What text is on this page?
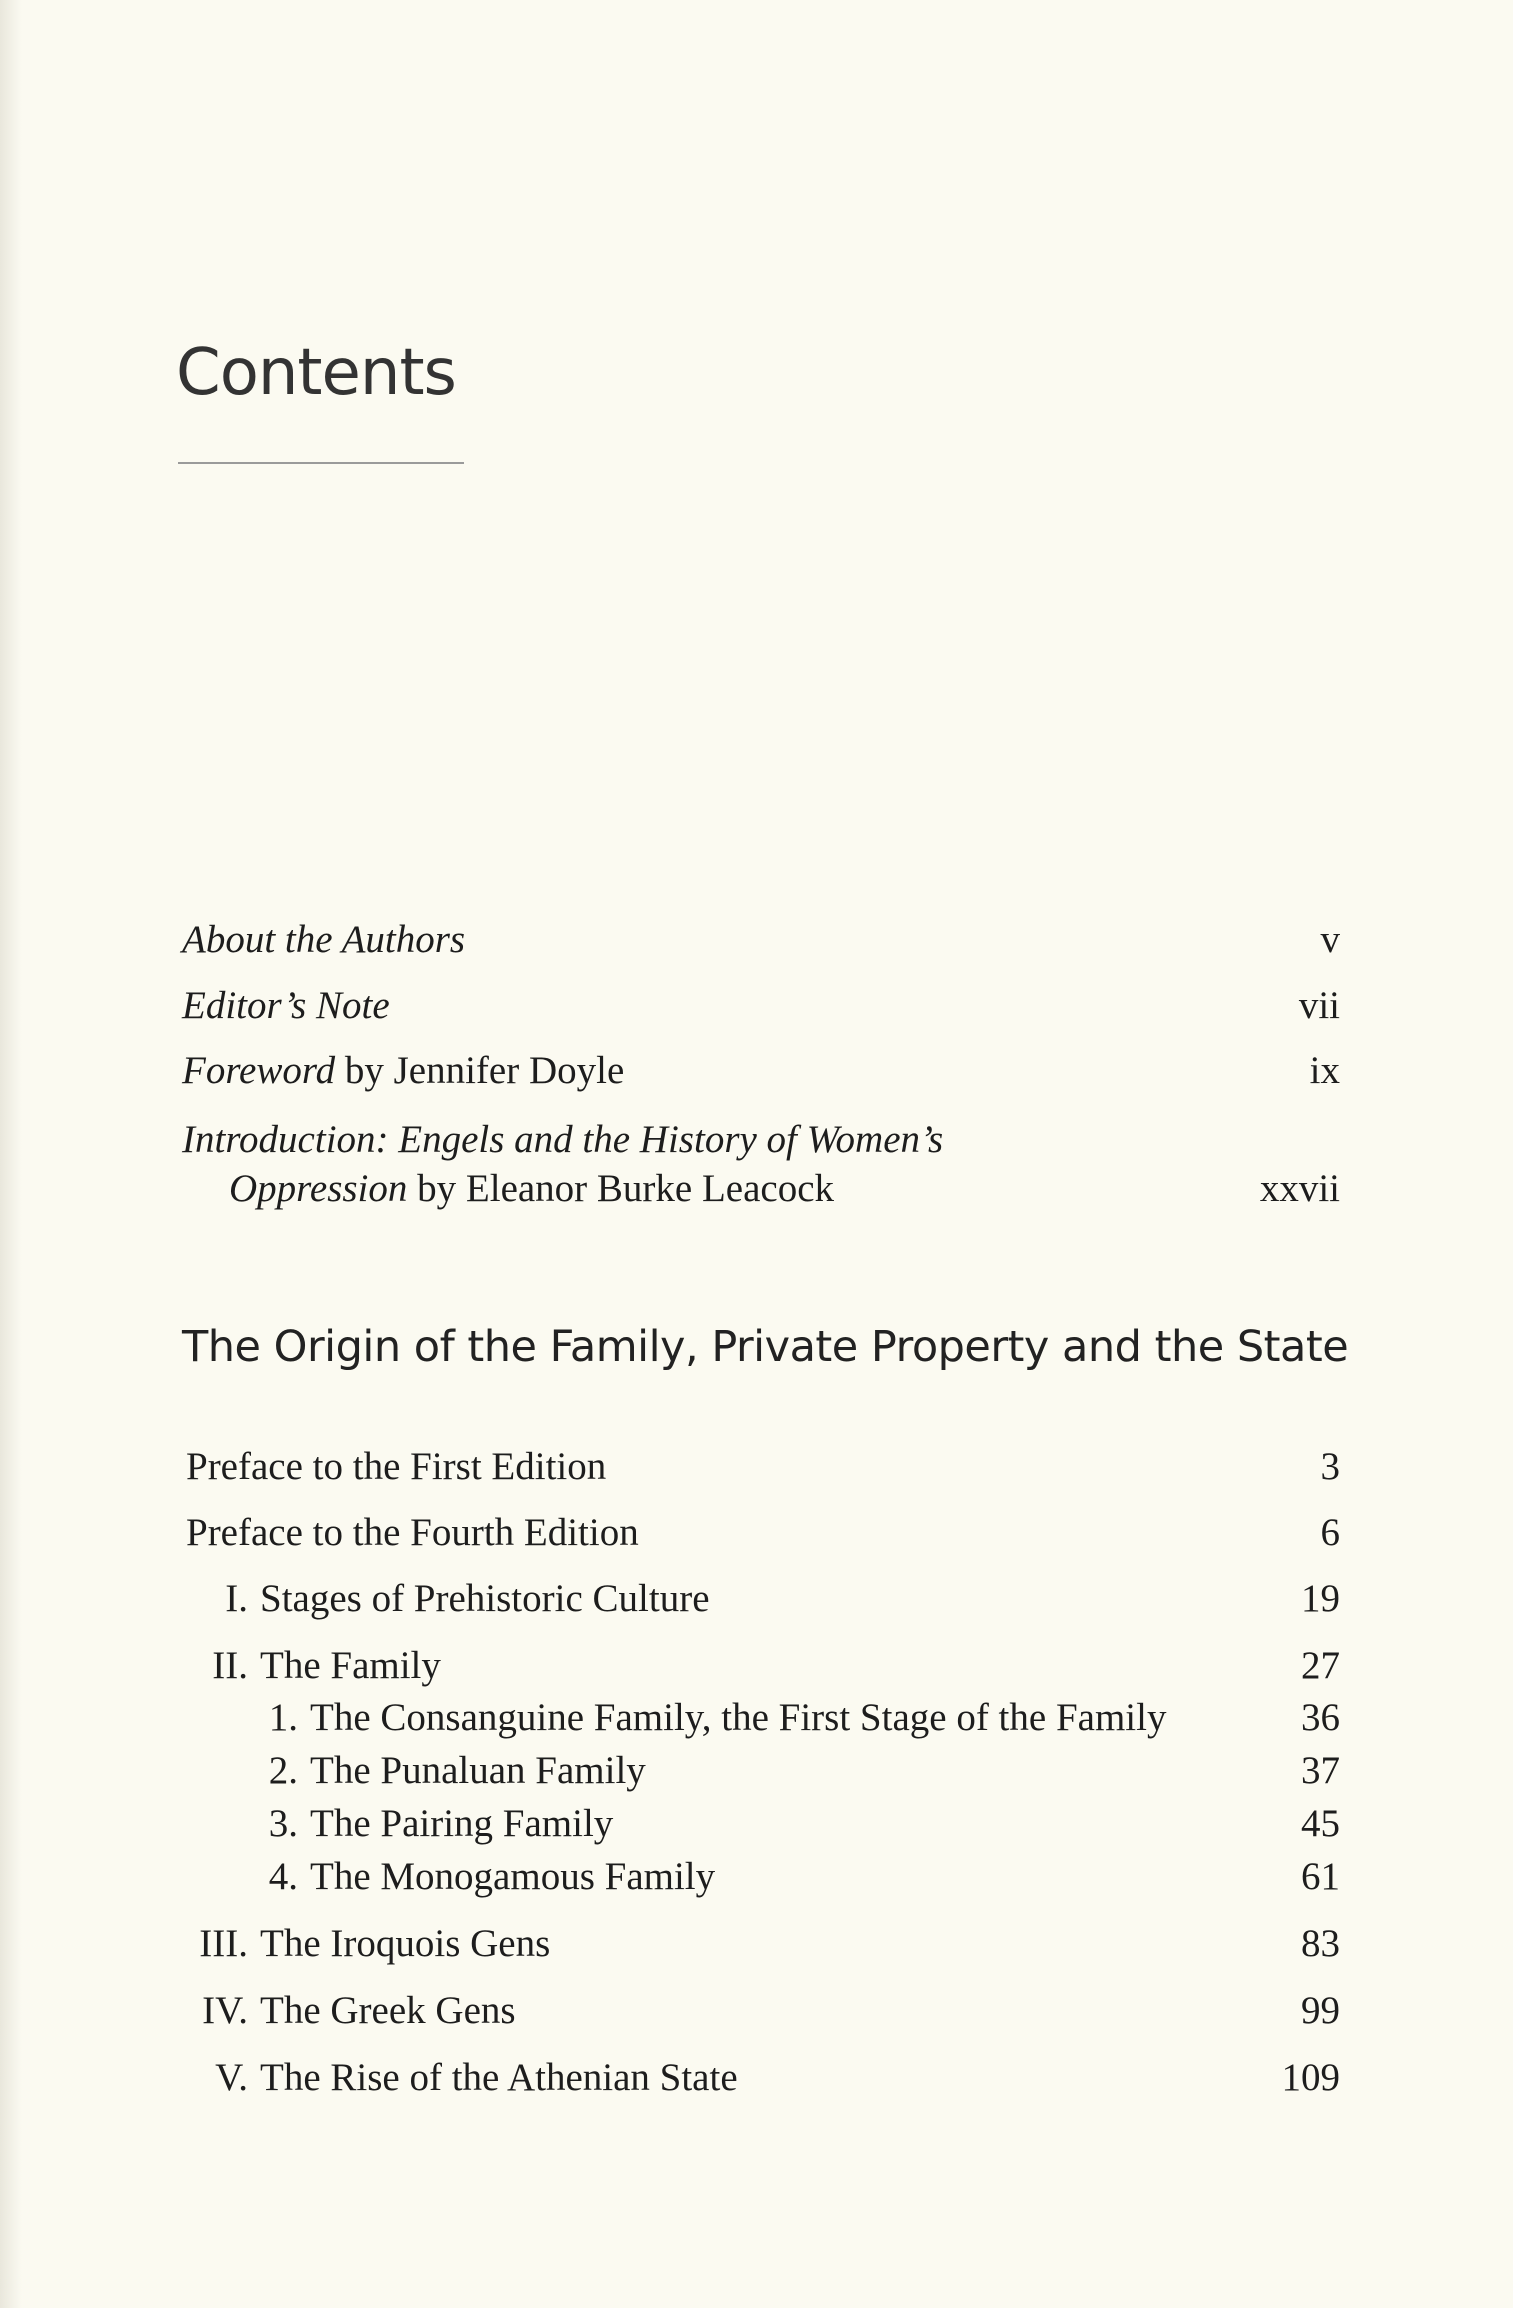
Contents
About the Authors	v
Editor’s Note	vii
Foreword by Jennifer Doyle	ix
Introduction: Engels and the History of Women’s
Oppression by Eleanor Burke Leacock	xxvii
The Origin of the Family, Private Property and the State
Preface to the First Edition	3
Preface to the Fourth Edition	6
I. Stages of Prehistoric Culture	19
II. The Family	27
1. The Consanguine Family, the First Stage of the Family	36
2. The Punaluan Family	37
3. The Pairing Family	45
4. The Monogamous Family	61
III. The Iroquois Gens	83
IV. The Greek Gens	99
V. The Rise of the Athenian State	109
